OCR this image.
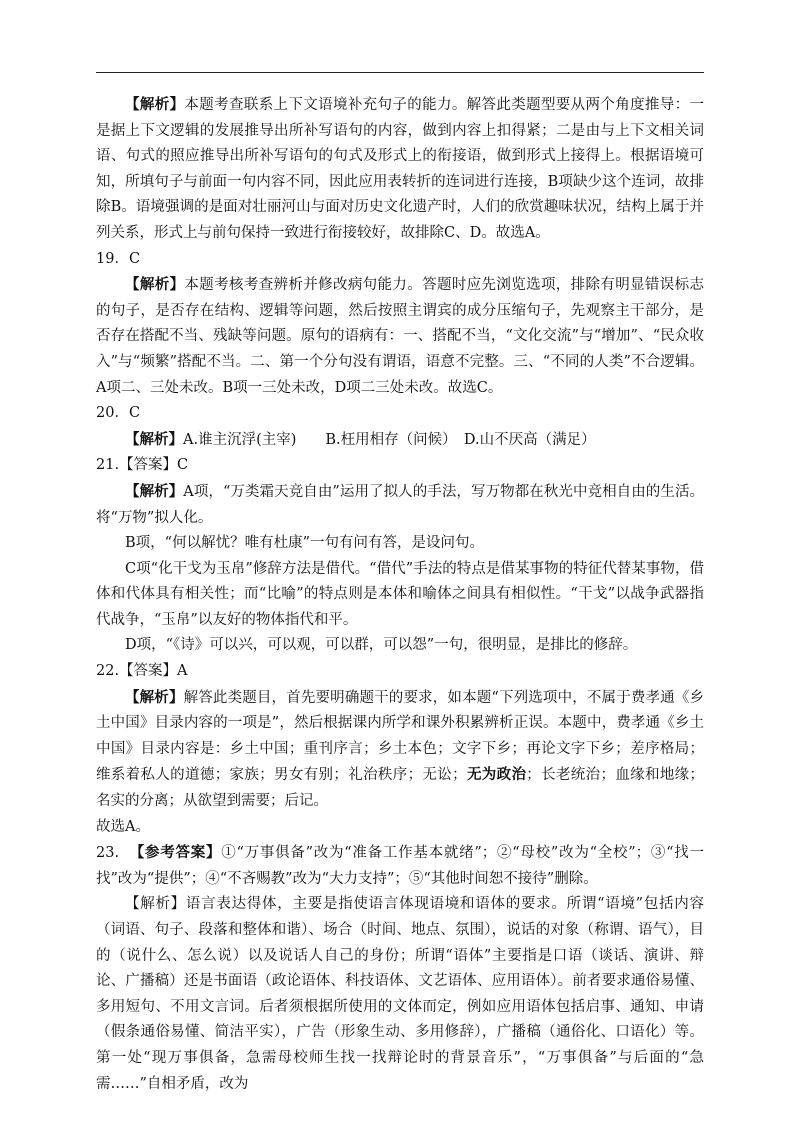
【解析】本题考查联系上下文语境补充句子的能力。解答此类题型要从两个角度推导：一是据上下文逻辑的发展推导出所补写语句的内容，做到内容上扣得紧；二是由与上下文相关词语、句式的照应推导出所补写语句的句式及形式上的衔接语，做到形式上接得上。根据语境可知，所填句子与前面一句内容不同，因此应用表转折的连词进行连接，B项缺少这个连词，故排除B。语境强调的是面对壮丽河山与面对历史文化遗产时，人们的欣赏趣味状况，结构上属于并列关系，形式上与前句保持一致进行衔接较好，故排除C、D。故选A。

19．C

【解析】本题考核考查辨析并修改病句能力。答题时应先浏览选项，排除有明显错误标志的句子，是否存在结构、逻辑等问题，然后按照主谓宾的成分压缩句子，先观察主干部分，是否存在搭配不当、残缺等问题。原句的语病有：一、搭配不当，“文化交流”与“增加”、“民众收入”与“频繁”搭配不当。二、第一个分句没有谓语，语意不完整。三、“不同的人类”不合逻辑。A项二、三处未改。B项一三处未改，D项二三处未改。故选C。

20．C

【解析】A.谁主沉浮(主宰)　　B.枉用相存（问候）　D.山不厌高（满足）

21.【答案】C

【解析】A项，“万类霜天竞自由”运用了拟人的手法，写万物都在秋光中竞相自由的生活。将“万物”拟人化。

B项，“何以解忧？唯有杜康”一句有问有答，是设问句。

C项“化干戈为玉帛”修辞方法是借代。“借代”手法的特点是借某事物的特征代替某事物，借体和代体具有相关性；而“比喻”的特点则是本体和喻体之间具有相似性。“干戈”以战争武器指代战争，“玉帛”以友好的物体指代和平。

D项，“《诗》可以兴，可以观，可以群，可以怨”一句，很明显，是排比的修辞。

22.【答案】A

【解析】解答此类题目，首先要明确题干的要求，如本题“下列选项中，不属于费孝通《乡土中国》目录内容的一项是”，然后根据课内所学和课外积累辨析正误。本题中，费孝通《乡土中国》目录内容是：乡土中国；重刊序言；乡土本色；文字下乡；再论文字下乡；差序格局；维系着私人的道德；家族；男女有别；礼治秩序；无讼；无为政治；长老统治；血缘和地缘；名实的分离；从欲望到需要；后记。

故选A。

23. 【参考答案】①“万事俱备”改为“准备工作基本就绪”；②“母校”改为“全校”；③“找一找”改为“提供”；④“不吝赐教”改为“大力支持”；⑤“其他时间恕不接待”删除。

【解析】语言表达得体，主要是指使语言体现语境和语体的要求。所谓“语境”包括内容（词语、句子、段落和整体和谐）、场合（时间、地点、氛围），说话的对象（称谓、语气），目的（说什么、怎么说）以及说话人自己的身份；所谓“语体”主要指是口语（谈话、演讲、辩论、广播稿）还是书面语（政论语体、科技语体、文艺语体、应用语体）。前者要求通俗易懂、多用短句、不用文言词。后者须根据所使用的文体而定，例如应用语体包括启事、通知、申请（假条通俗易懂、简洁平实），广告（形象生动、多用修辞），广播稿（通俗化、口语化）等。第一处“现万事俱备，急需母校师生找一找辩论时的背景音乐”，“万事俱备”与后面的“急需……”自相矛盾，改为
